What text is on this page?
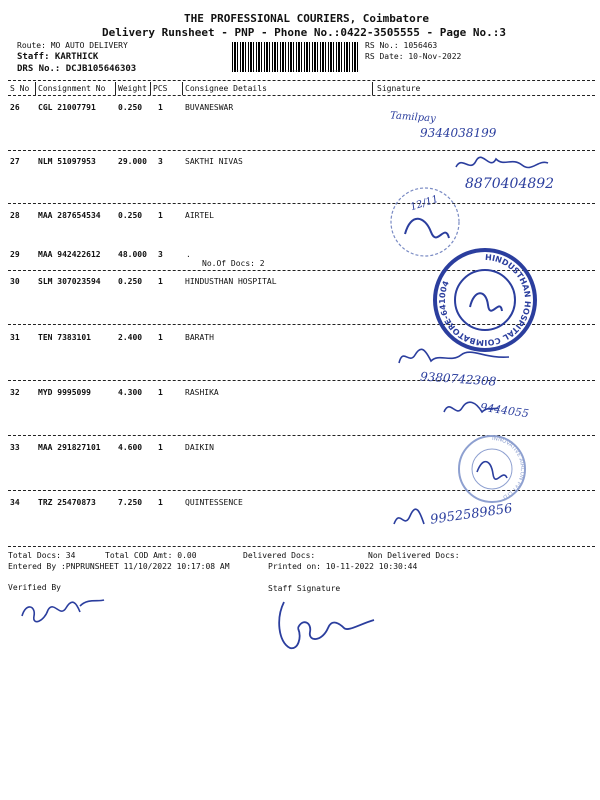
THE PROFESSIONAL COURIERS, Coimbatore
Delivery Runsheet - PNP - Phone No.:0422-3505555 - Page No.:3
Route: MO AUTO DELIVERY
Staff: KARTHICK
DRS No.: DCJB105646303
RS No.: 1056463
RS Date: 10-Nov-2022
S No Consignment No Weight PCS Consignee Details	Signature
26 CGL 21007791	0.250 1	BUVANESWAR
27 NLM 51097953	29.000 3	SAKTHI NIVAS
28 MAA 287654534 0.250 1	AIRTEL
29 MAA 942422612 48.000 3	.
No.Of Docs: 2
30 SLM 307023594 0.250 1	HINDUSTHAN HOSPITAL
31 TEN 7383101	2.400 1	BARATH
32 MYD 9995099	4.300 1	RASHIKA
33 MAA 291827101 4.600 1	DAIKIN
34 TRZ 25470873	7.250 1	QUINTESSENCE
Total Docs: 34	Total COD Amt: 0.00	Delivered Docs:	Non Delivered Docs:
Entered By :PNPRUNSHEET 11/10/2022 10:17:08 AM	Printed on: 10-11-2022 10:30:44
Verified By	Staff Signature
Tamilpay
9344038199
8870404892
12/11
HINDUSTHAN HOSPITAL COIMBATORE-641004
9380742308
9444055
INNOVATIVE AIRCON PVT LTD
9952589856
